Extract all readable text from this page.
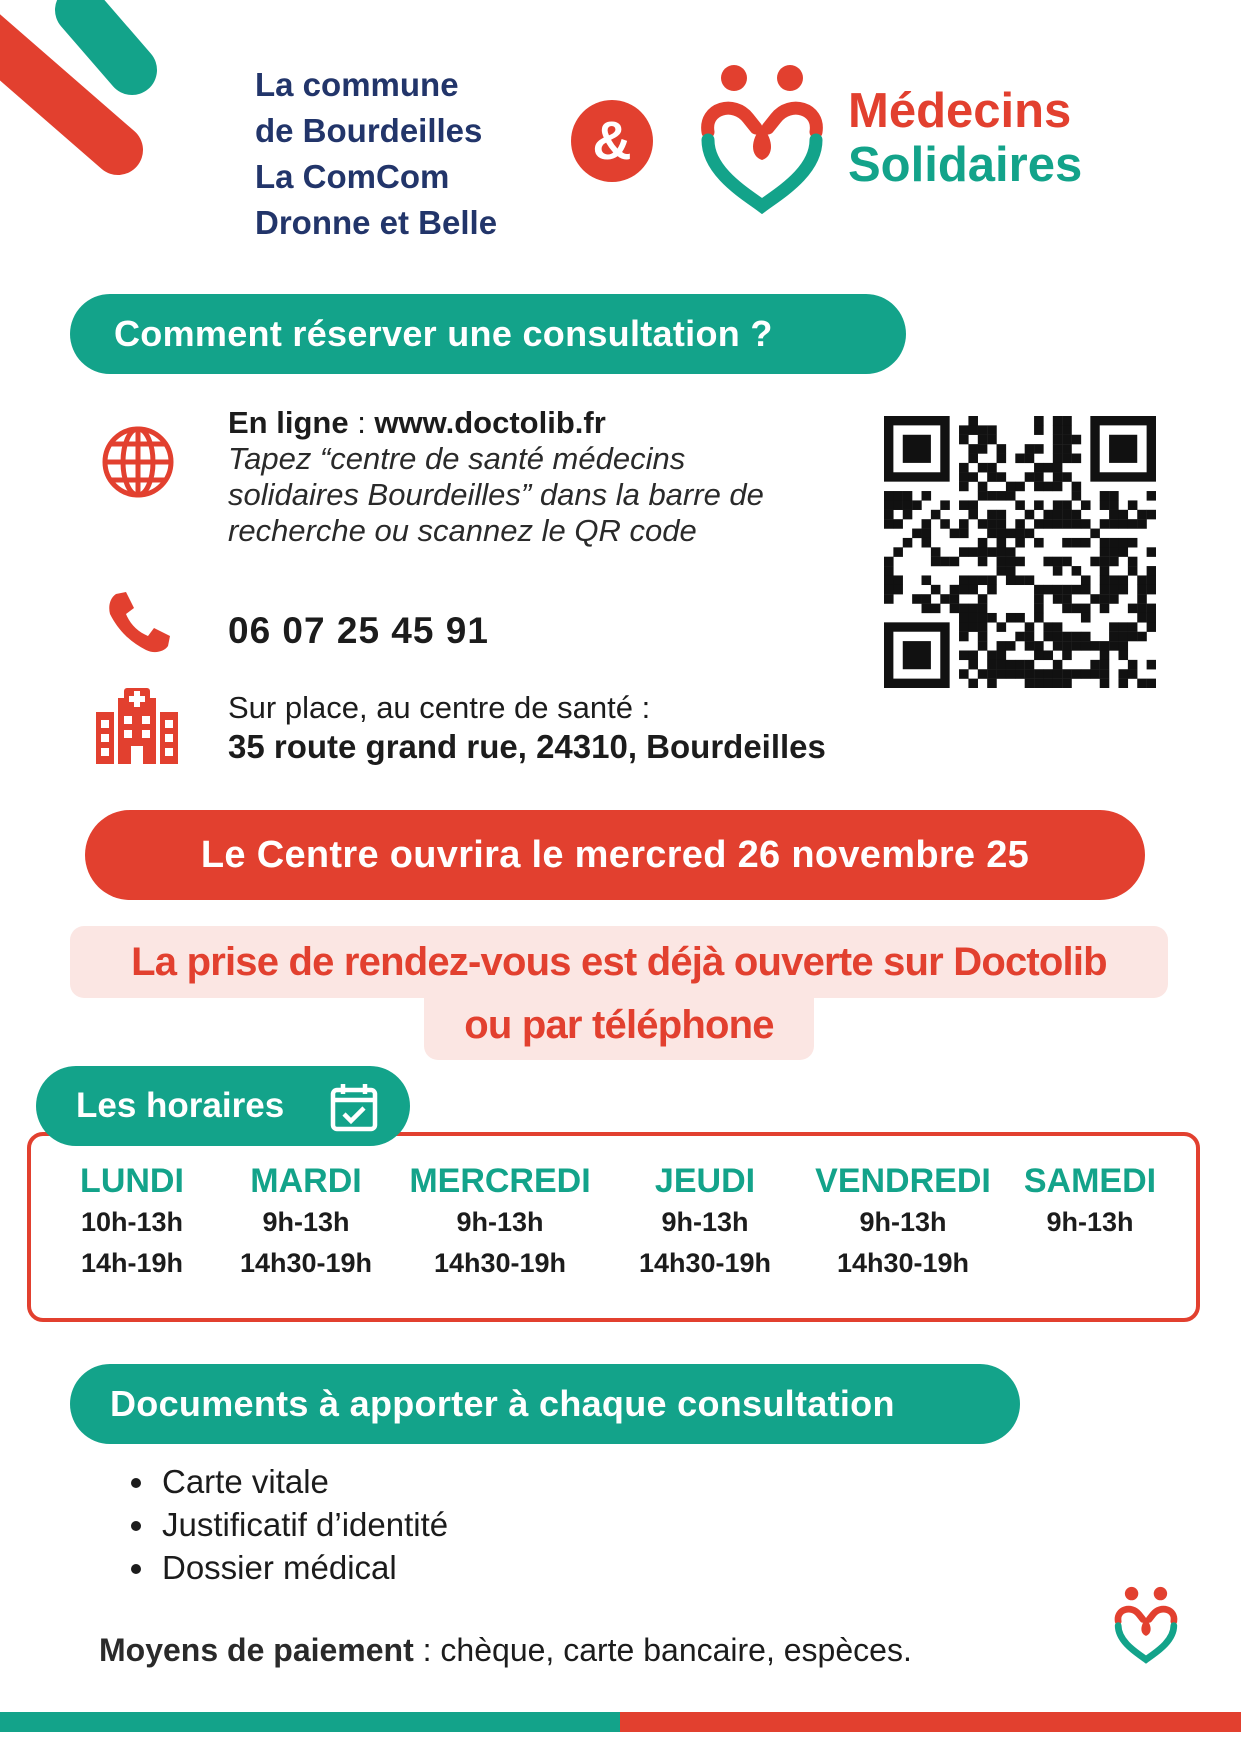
La commune
de Bourdeilles
La ComCom
Dronne et Belle
&	Médecins
Solidaires
Comment réserver une consultation ?
En ligne : www.doctolib.fr
Tapez “centre de santé médecins
solidaires Bourdeilles” dans la barre de
recherche ou scannez le QR code
06 07 25 45 91
Sur place, au centre de santé :
35 route grand rue, 24310, Bourdeilles
Le Centre ouvrira le mercred 26 novembre 25
La prise de rendez-vous est déjà ouverte sur Doctolib
ou par téléphone
Les horaires
LUNDI
10h-13h
14h-19h
MARDI
9h-13h
14h30-19h
MERCREDI
9h-13h
14h30-19h
JEUDI
9h-13h
14h30-19h
VENDREDI
9h-13h
14h30-19h
SAMEDI
9h-13h
Documents à apporter à chaque consultation
• Carte vitale
• Justificatif d’identité
• Dossier médical
Moyens de paiement : chèque, carte bancaire, espèces.
